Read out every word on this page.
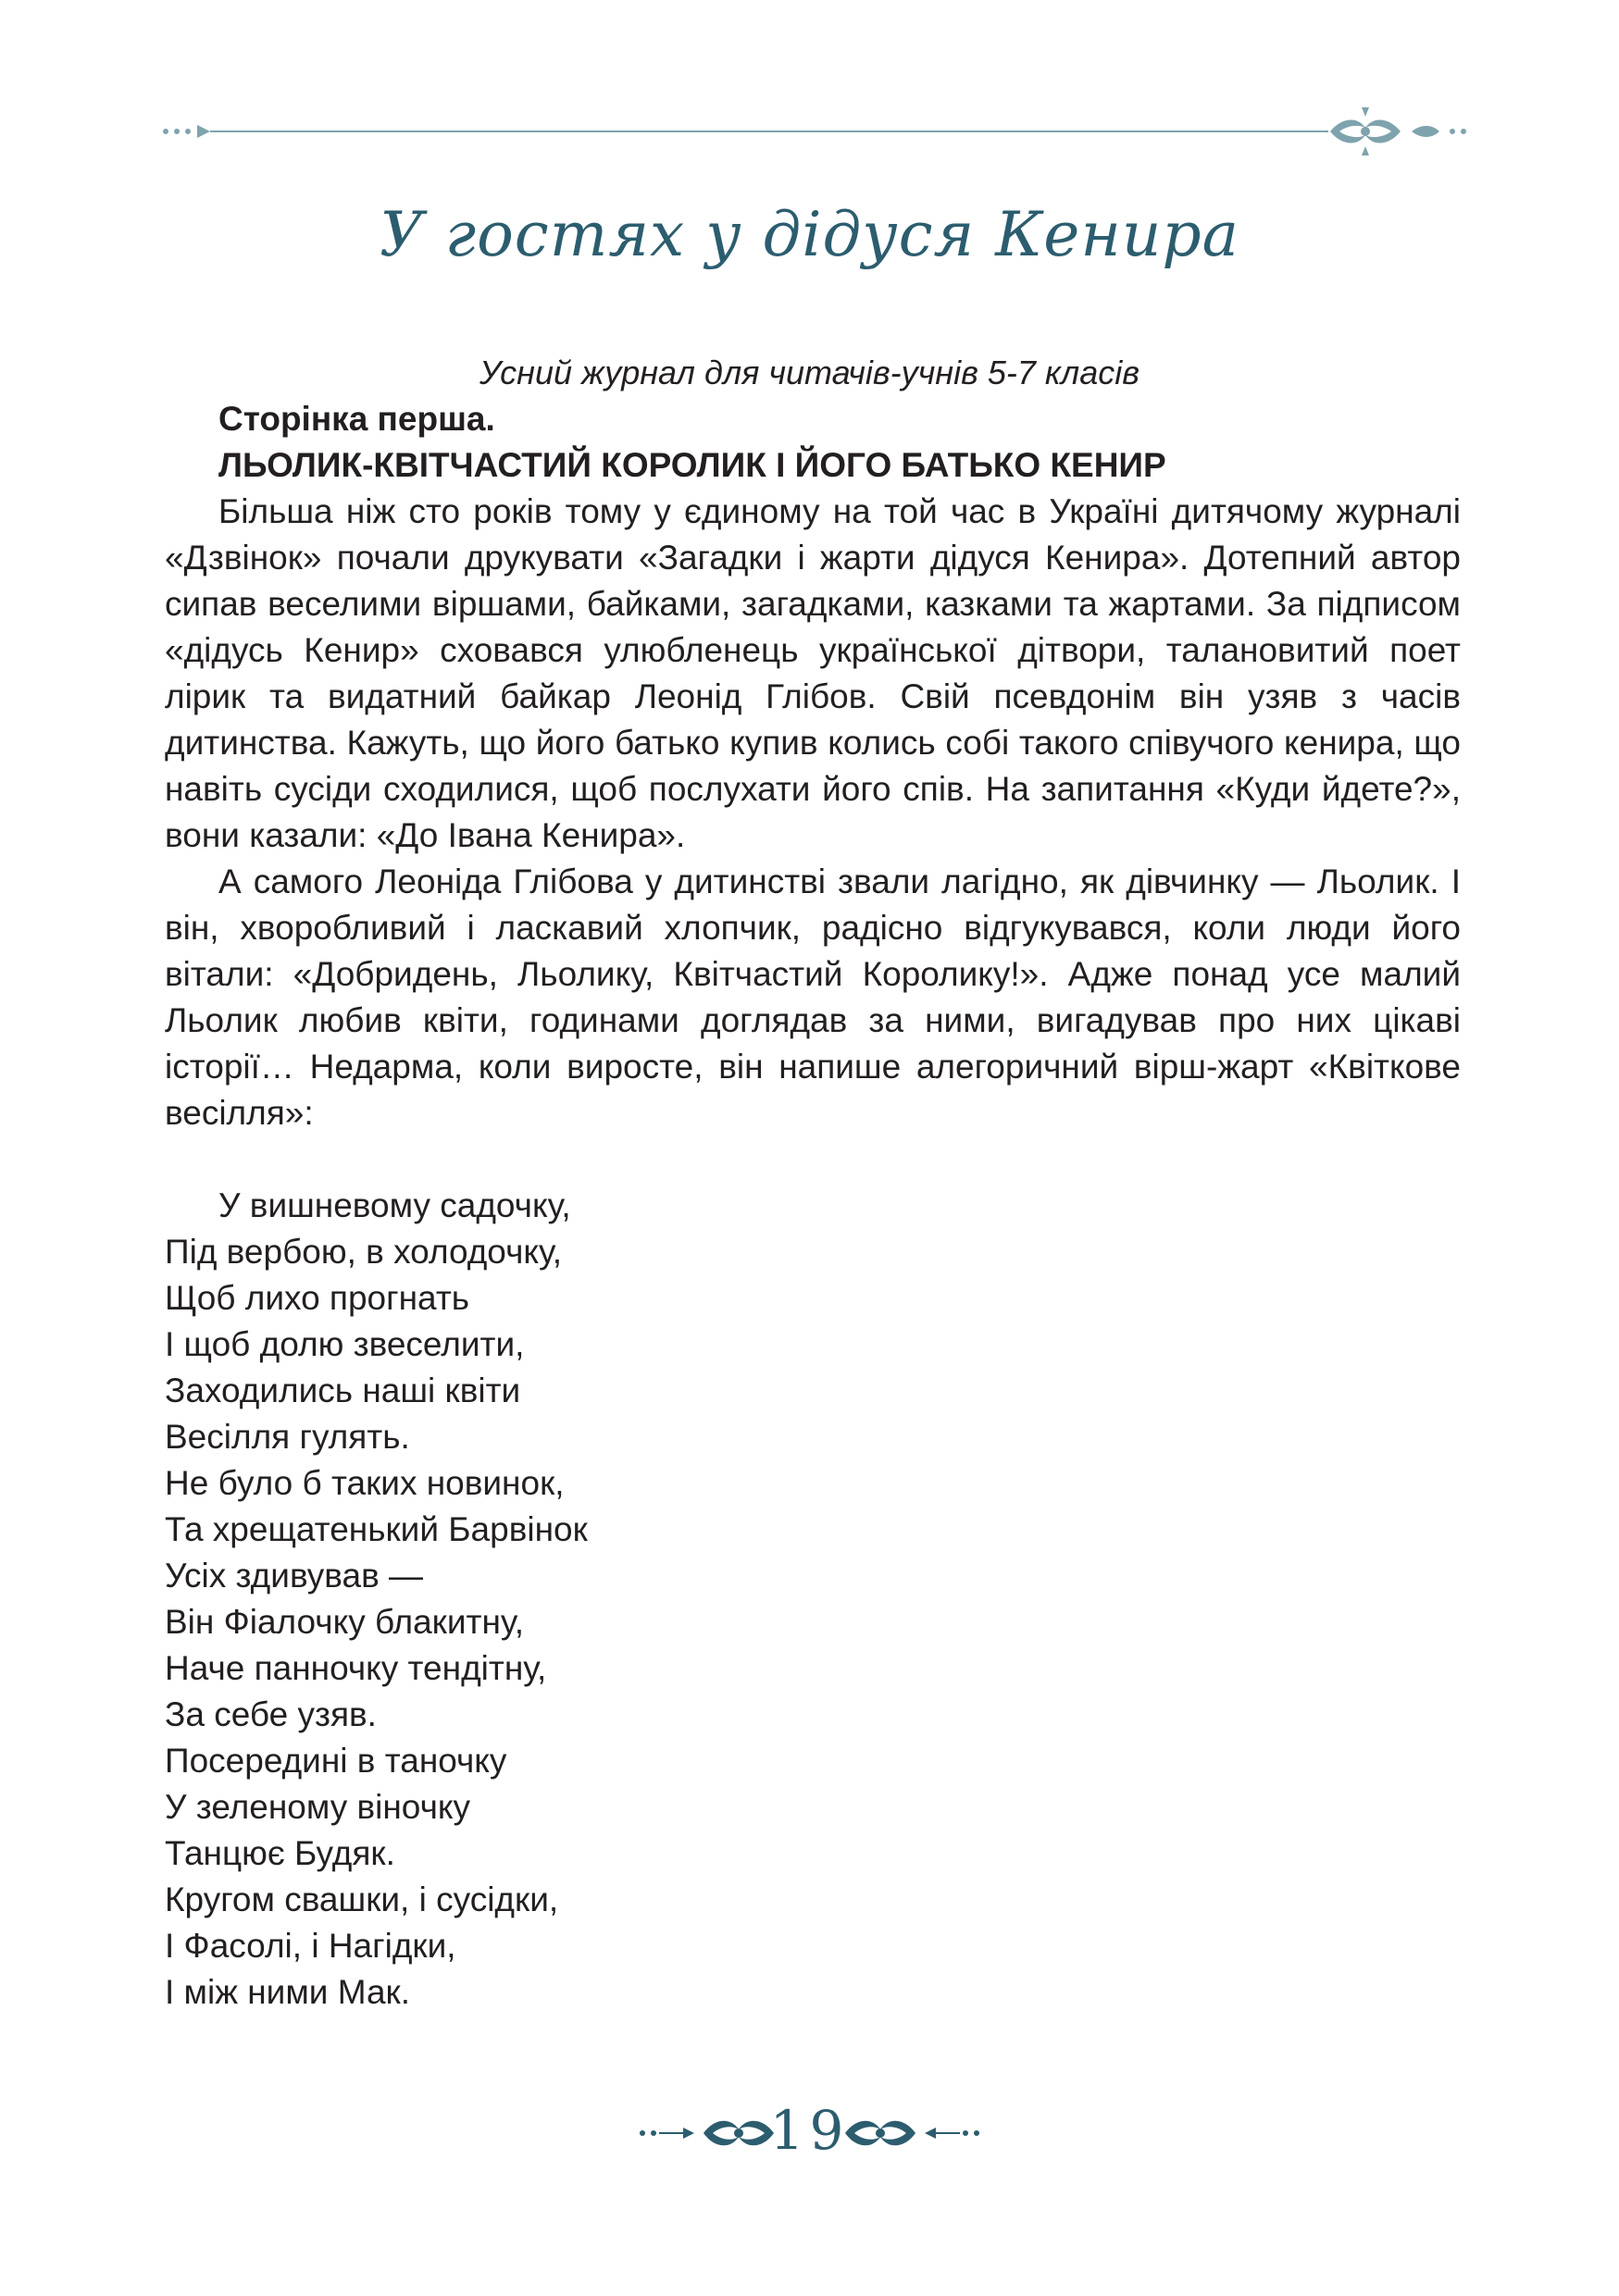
У гостях у дідуся Кенира
Усний журнал для читачів-учнів 5-7 класів
Сторінка перша.
ЛЬОЛИК-КВІТЧАСТИЙ КОРОЛИК І ЙОГО БАТЬКО КЕНИР

Більша ніж сто років тому у єдиному на той час в Україні дитячому журналі «Дзвінок» почали друкувати «Загадки і жарти дідуся Кенира». Дотепний автор сипав веселими віршами, байками, загадками, казками та жартами. За підписом «дідусь Кенир» сховався улюбленець української дітвори, талановитий поет лірик та видатний байкар Леонід Глібов. Свій псевдонім він узяв з часів дитинства. Кажуть, що його батько купив колись собі такого співучого кенира, що навіть сусіди сходилися, щоб послухати його спів. На запитання «Куди йдете?», вони казали: «До Івана Кенира».

А самого Леоніда Глібова у дитинстві звали лагідно, як дівчинку — Льолик. І він, хворобливий і ласкавий хлопчик, радісно відгукувався, коли люди його вітали: «Добридень, Льолику, Квітчастий Королику!». Адже понад усе малий Льолик любив квіти, годинами доглядав за ними, вигадував про них цікаві історії… Недарма, коли виросте, він напише алегоричний вірш-жарт «Квіткове весілля»:

У вишневому садочку,
Під вербою, в холодочку,
Щоб лихо прогнать
І щоб долю звеселити,
Заходились наші квіти
Весілля гулять.
Не було б таких новинок,
Та хрещатенький Барвінок
Усіх здивував —
Він Фіалочку блакитну,
Наче панночку тендітну,
За себе узяв.
Посередині в таночку
У зеленому віночку
Танцює Будяк.
Кругом свашки, і сусідки,
І Фасолі, і Нагідки,
І між ними Мак.
19
